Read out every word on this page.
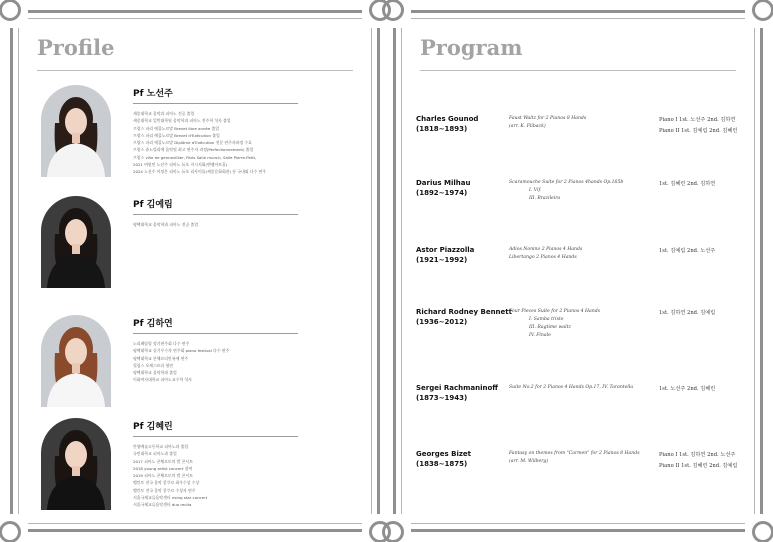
Profile
Pf 노선주
세종대학교 음악과 피아노 전공 졸업
세종대학교 일반대학원 음악학과 피아노 전주학 석사 졸업
프랑스 파리 에콜노르말 Brevet libre année 졸업
프랑스 파리 에콜노르말 Brevet d'Exécution 졸업
프랑스 파리 에콜노르말 Diplôme d'Exécution 전문 연주자과정 수료
프랑스 쥬느빌리에 음악원 최고 연주자 과정(Perfectionnement) 졸업
프랑스 ville de gennevillier, Paris Salle munch, Salle Pierre-Petit,
2021 여원빈 노선주 피아노 듀오 지시지회(엔젤아트홀)
2024 노선주 이정은 피아노 듀오 리사이틀(세종문화회관) 등 국내외 다수 연주
Pf 김예림
평택대학교 음악학과 피아노 전공 졸업
Pf 김하연
노리페달링 정기연주회 다수 연주
평택대학교 실기우수자 연주회 piano festival 다수 연주
평택대학교 콘체르티안쥬에 연주
힐링스 오케스트라 협연
평택대학교 음악학과 졸업
이화여자대학교 피아노교수학 석사
Pf 김혜린
안양예술고등학교 피아노과 졸업
국민대학교 피아노과 졸업
2017 피아노 콘체르토의 밤 콘서트
2018 young artist concert 참여
2019 피아노 콘체르토의 밤 콘서트
벨칸토 전국 음악 콩쿠르 최우수상 수상
벨칸토 전국 음악 콩쿠르 수상자 연주
서울국제교류음악센터 rising star concert
서울국제교류음악센터 duo recita
Program
Charles Gounod
(1818~1893)
Faust Waltz for 2 Pianos 8 Hands
(arr. K. Fliback)
Piano I 1st. 노선주 2nd. 김하연
Piano II 1st. 김예림 2nd. 김혜린
Darius Milhau
(1892~1974)
Scaramouche Suite for 2 Pianos 4hands Op.165b
I. Vif.
III. Brazileira
1st. 김혜린 2nd. 김하연
Astor Piazzolla
(1921~1992)
Adios Nonino 2 Pianos 4 Hands
Libertango 2 Pianos 4 Hands
1st. 김예림 2nd. 노선주
Richard Rodney Bennett
(1936~2012)
Four Pieces Suite for 2 Pianos 4 Hands
I. Samba triste
III. Ragtime waltz
IV. Finale
1st. 김하연 2nd. 김예림
Sergei Rachmaninoff
(1873~1943)
Suite No.2 for 2 Pianos 4 Hands Op.17, IV. Tarantella	1st. 노선주 2nd. 김혜린
Georges Bizet
(1838~1875)
Fantasy on themes from "Carmen" for 2 Pianos 8 Hands
(arr. M. Wilberg)
Piano I 1st. 김하연 2nd. 노선주
Piano II 1st. 김혜린 2nd. 김예림
